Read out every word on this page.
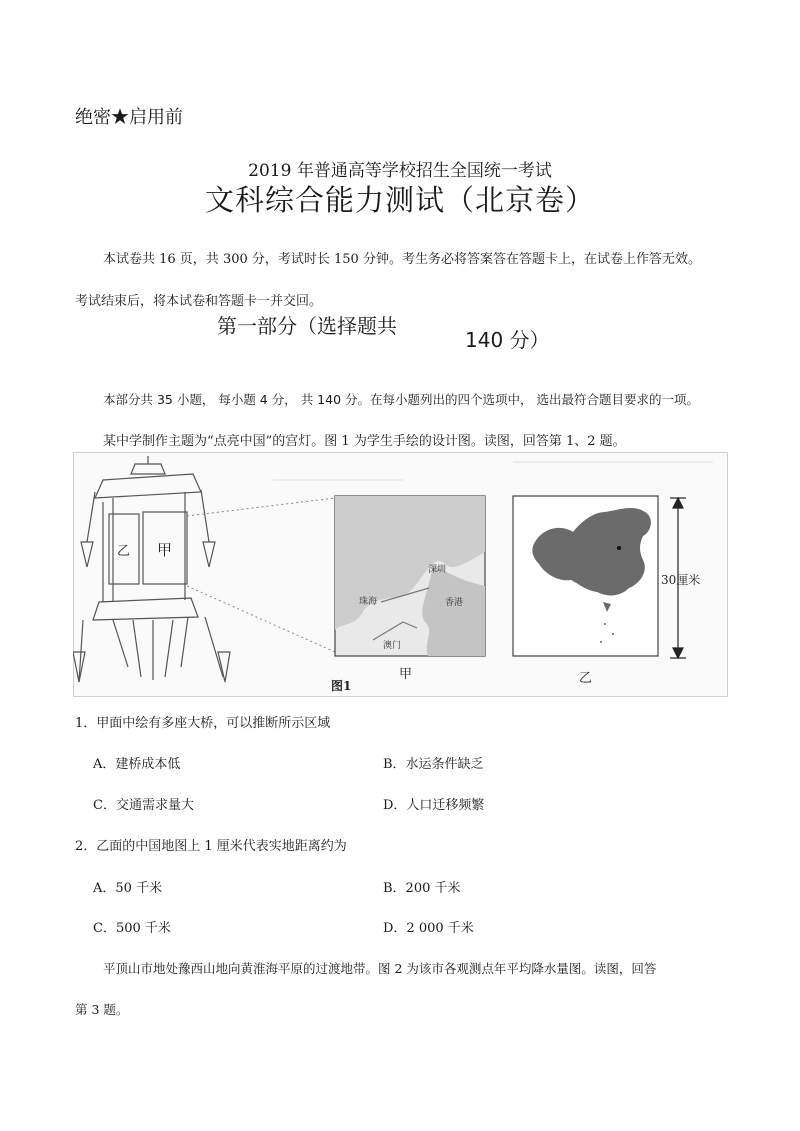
绝密★启用前
2019 年普通高等学校招生全国统一考试
文科综合能力测试（北京卷）
本试卷共 16 页，共 300 分，考试时长 150 分钟。考生务必将答案答在答题卡上，在试卷上作答无效。
考试结束后，将本试卷和答题卡一并交回。
第一部分（选择题共
140 分）
本部分共 35 小题， 每小题 4 分， 共 140 分。在每小题列出的四个选项中， 选出最符合题目要求的一项。
某中学制作主题为“点亮中国”的宫灯。图 1 为学生手绘的设计图。读图，回答第 1、2 题。
乙 甲
深圳
珠海	香港
澳门
30厘米
图1
甲	乙
1．甲面中绘有多座大桥，可以推断所示区域
A．建桥成本低	B．水运条件缺乏
C．交通需求量大	D．人口迁移频繁
2．乙面的中国地图上 1 厘米代表实地距离约为
A．50 千米	B．200 千米
C．500 千米	D．2 000 千米
平顶山市地处豫西山地向黄淮海平原的过渡地带。图 2 为该市各观测点年平均降水量图。读图，回答
第 3 题。
